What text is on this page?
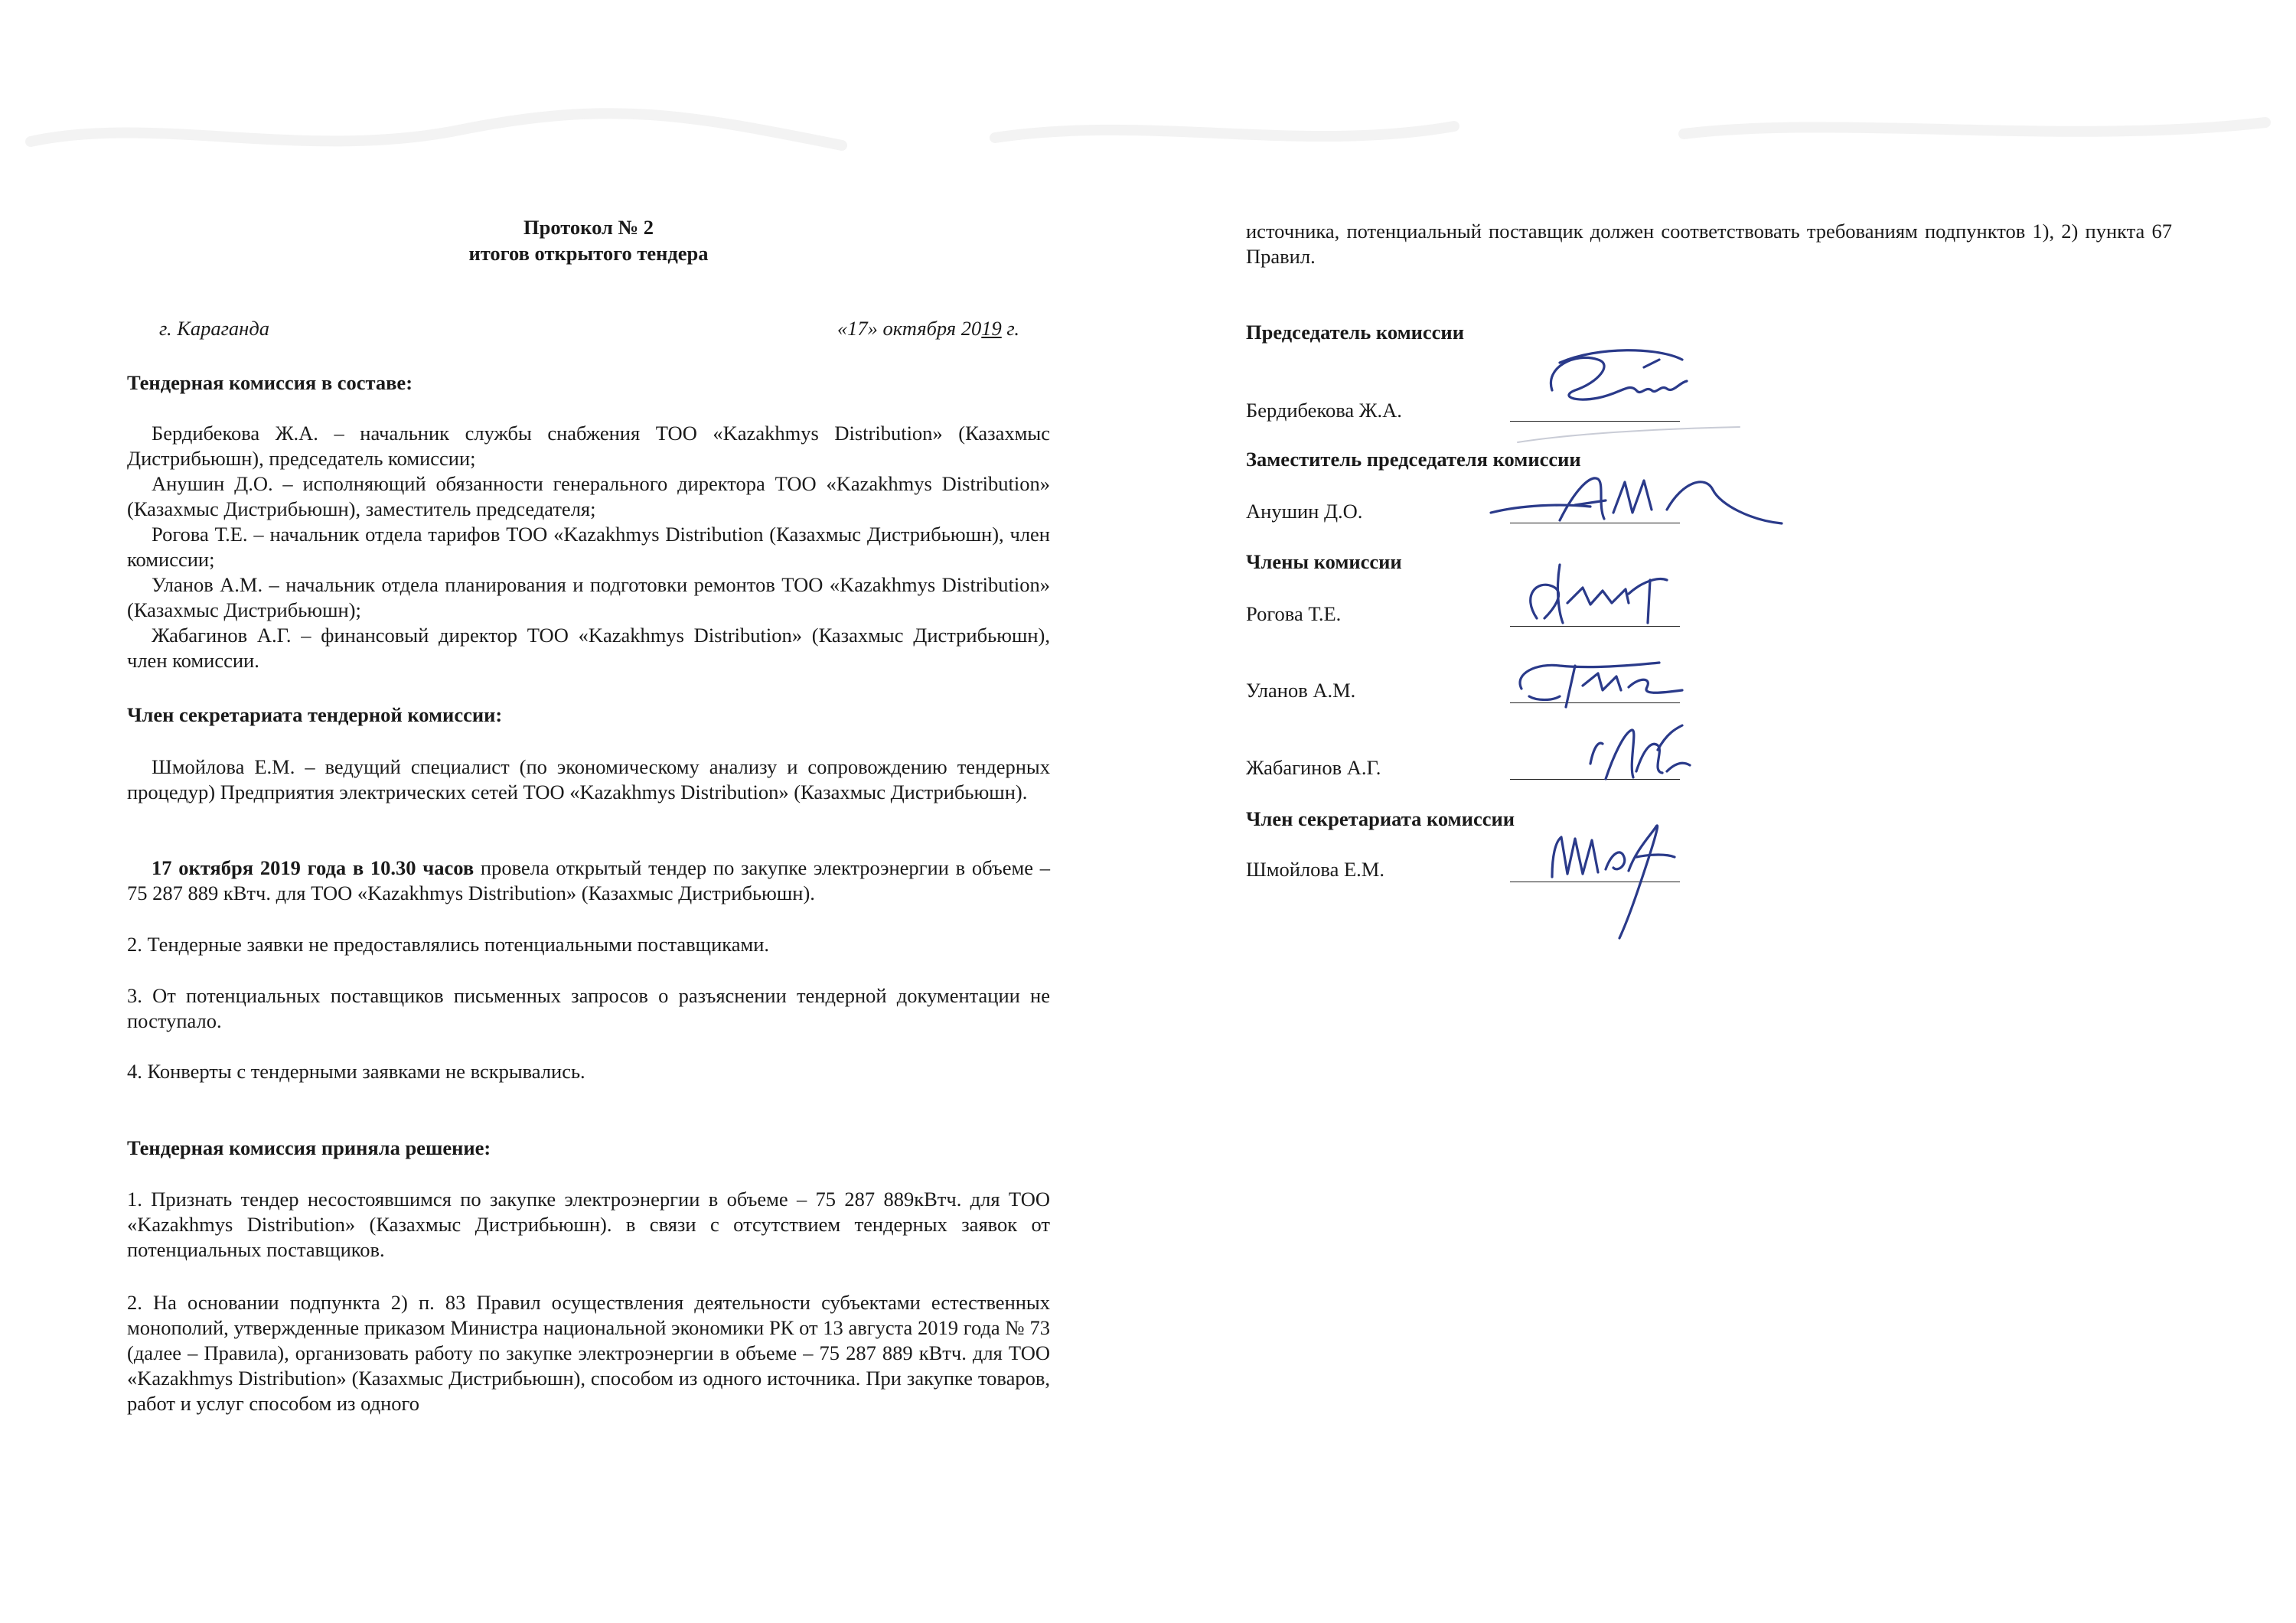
Протокол № 2
итогов открытого тендера
г. Караганда	«17» октября 2019 г.
Тендерная комиссия в составе:

Бердибекова Ж.А. – начальник службы снабжения ТОО «Kazakhmys Distribution» (Казахмыс Дистрибьюшн), председатель комиссии;

Анушин Д.О. – исполняющий обязанности генерального директора ТОО «Kazakhmys Distribution» (Казахмыс Дистрибьюшн), заместитель председателя;

Рогова Т.Е. – начальник отдела тарифов ТОО «Kazakhmys Distribution (Казахмыс Дистрибьюшн), член комиссии;

Уланов А.М. – начальник отдела планирования и подготовки ремонтов ТОО «Kazakhmys Distribution» (Казахмыс Дистрибьюшн);

Жабагинов А.Г. – финансовый директор ТОО «Kazakhmys Distribution» (Казахмыс Дистрибьюшн), член комиссии.

Член секретариата тендерной комиссии:

Шмойлова Е.М. – ведущий специалист (по экономическому анализу и сопровождению тендерных процедур) Предприятия электрических сетей ТОО «Kazakhmys Distribution» (Казахмыс Дистрибьюшн).

17 октября 2019 года в 10.30 часов провела открытый тендер по закупке электроэнергии в объеме – 75 287 889 кВтч. для ТОО «Kazakhmys Distribution» (Казахмыс Дистрибьюшн).

2. Тендерные заявки не предоставлялись потенциальными поставщиками.
3. От потенциальных поставщиков письменных запросов о разъяснении тендерной документации не поступало.
4. Конверты с тендерными заявками не вскрывались.
Тендерная комиссия приняла решение:
1. Признать тендер несостоявшимся по закупке электроэнергии в объеме – 75 287 889кВтч. для ТОО «Kazakhmys Distribution» (Казахмыс Дистрибьюшн). в связи с отсутствием тендерных заявок от потенциальных поставщиков.
2. На основании подпункта 2) п. 83 Правил осуществления деятельности субъектами естественных монополий, утвержденные приказом Министра национальной экономики РК от 13 августа 2019 года № 73 (далее – Правила), организовать работу по закупке электроэнергии в объеме – 75 287 889 кВтч. для ТОО «Kazakhmys Distribution» (Казахмыс Дистрибьюшн), способом из одного источника. При закупке товаров, работ и услуг способом из одного
источника, потенциальный поставщик должен соответствовать требованиям подпунктов 1), 2) пункта 67 Правил.
Председатель комиссии
Бердибекова Ж.А.
Заместитель председателя комиссии
Анушин Д.О.
Члены комиссии
Рогова Т.Е.
Уланов А.М.
Жабагинов А.Г.
Член секретариата комиссии
Шмойлова Е.М.
